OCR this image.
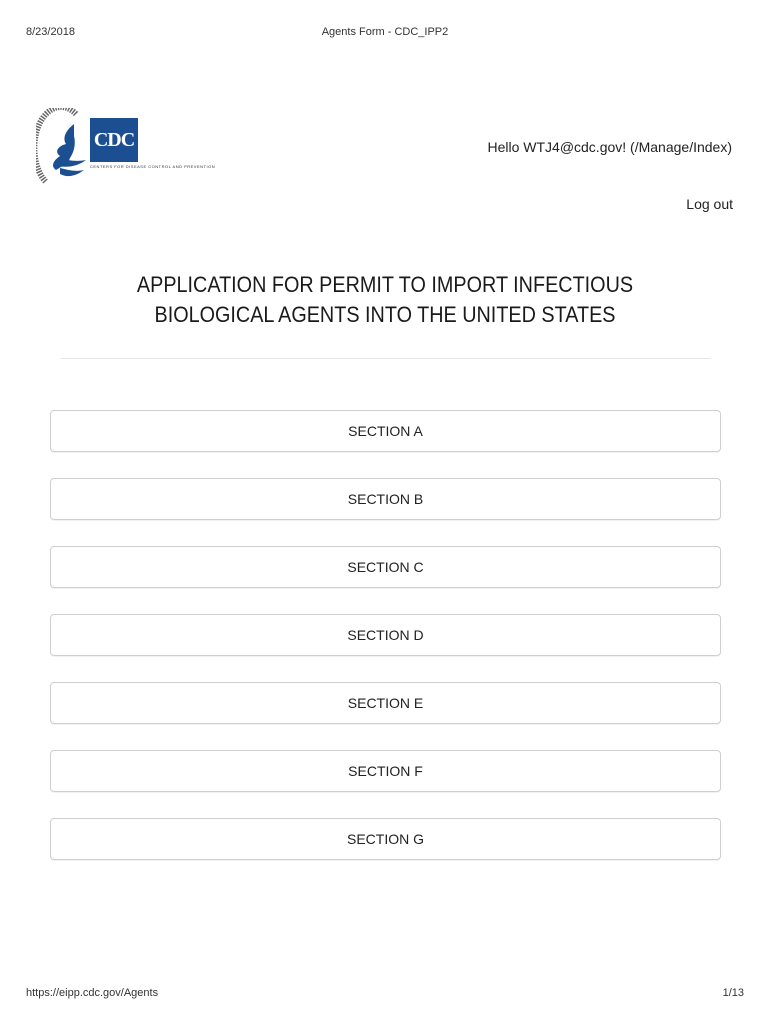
8/23/2018	Agents Form - CDC_IPP2
CDC
CENTERS FOR DISEASE CONTROL AND PREVENTION
Hello WTJ4@cdc.gov! (/Manage/Index)
Log out
APPLICATION FOR PERMIT TO IMPORT INFECTIOUS BIOLOGICAL AGENTS INTO THE UNITED STATES
SECTION A
SECTION B
SECTION C
SECTION D
SECTION E
SECTION F
SECTION G
https://eipp.cdc.gov/Agents	1/13
